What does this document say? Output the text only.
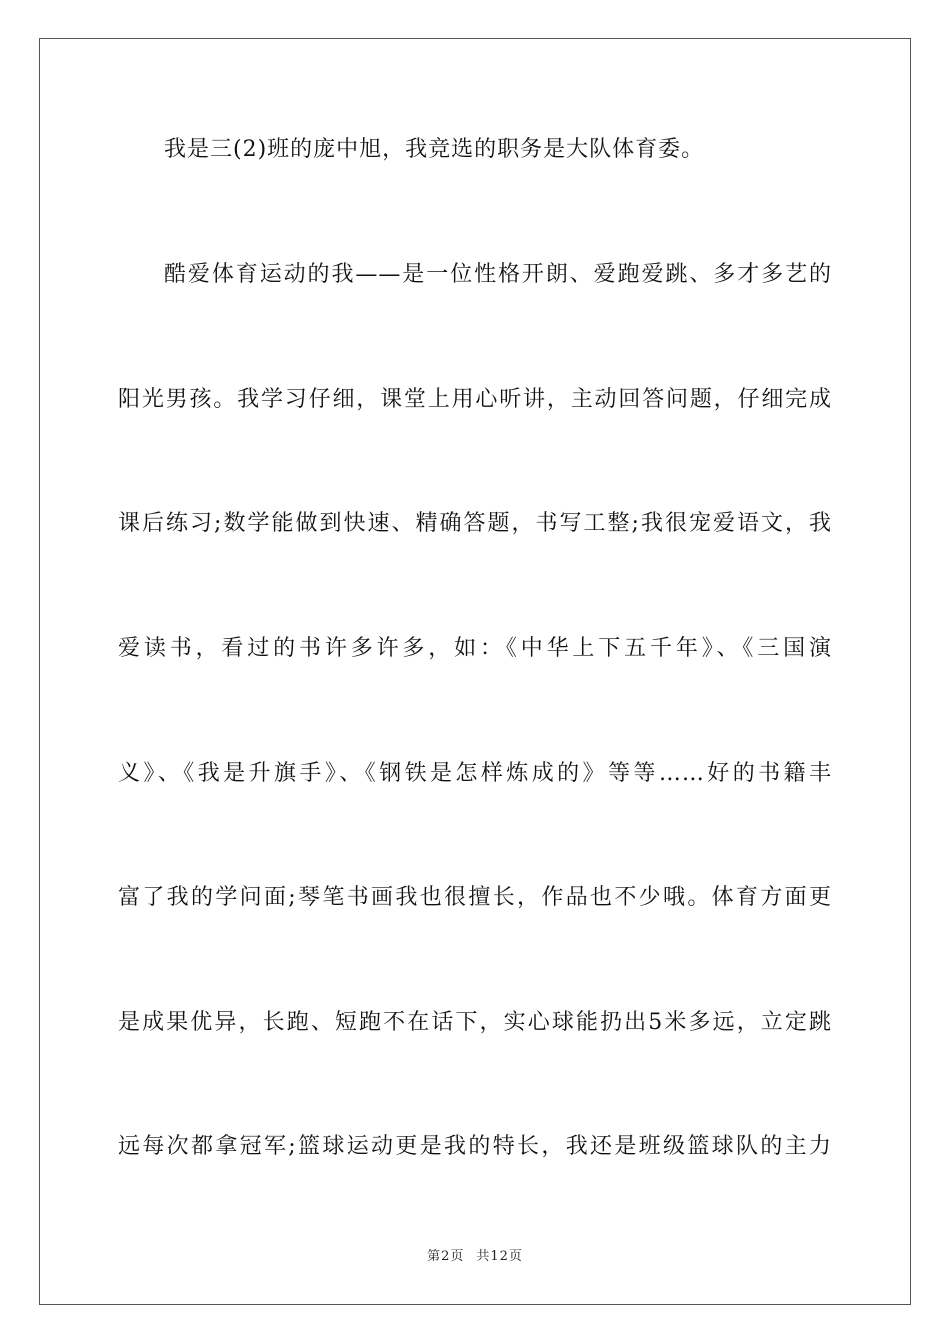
我是三(2)班的庞中旭，我竞选的职务是大队体育委。

酷爱体育运动的我——是一位性格开朗、爱跑爱跳、多才多艺的

阳光男孩。我学习仔细，课堂上用心听讲，主动回答问题，仔细完成

课后练习;数学能做到快速、精确答题，书写工整;我很宠爱语文，我

爱读书，看过的书许多许多，如：《中华上下五千年》、《三国演

义》、《我是升旗手》、《钢铁是怎样炼成的》等等……好的书籍丰

富了我的学问面;琴笔书画我也很擅长，作品也不少哦。体育方面更

是成果优异，长跑、短跑不在话下，实心球能扔出5米多远，立定跳

远每次都拿冠军;篮球运动更是我的特长，我还是班级篮球队的主力

第2页 共12页
